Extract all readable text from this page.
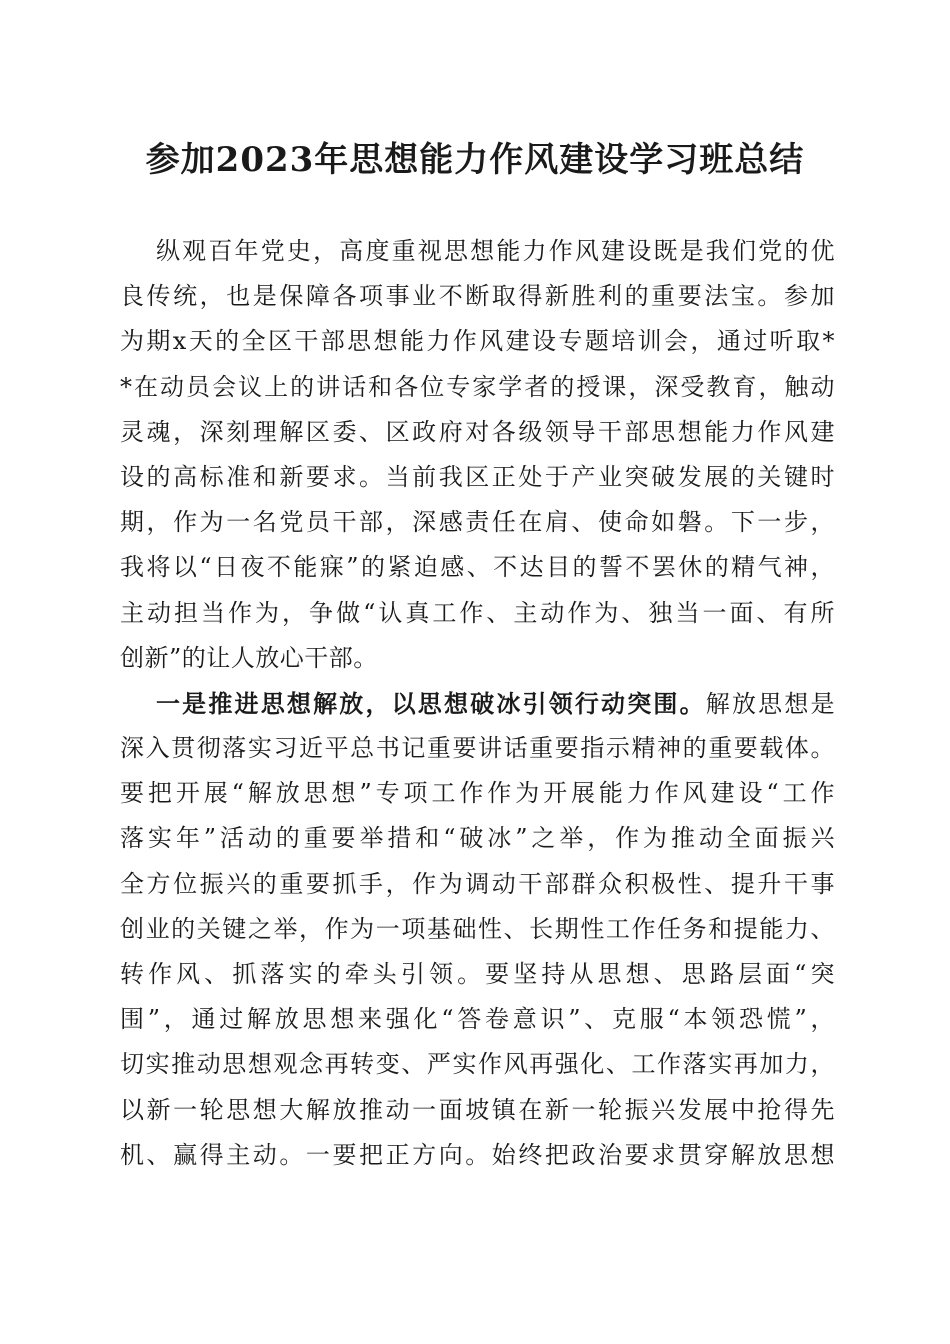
参加2023年思想能力作风建设学习班总结
纵观百年党史，高度重视思想能力作风建设既是我们党的优
良传统，也是保障各项事业不断取得新胜利的重要法宝。参加
为期x天的全区干部思想能力作风建设专题培训会，通过听取*
*在动员会议上的讲话和各位专家学者的授课，深受教育，触动
灵魂，深刻理解区委、区政府对各级领导干部思想能力作风建
设的高标准和新要求。当前我区正处于产业突破发展的关键时
期，作为一名党员干部，深感责任在肩、使命如磐。下一步，
我将以“日夜不能寐”的紧迫感、不达目的誓不罢休的精气神，
主动担当作为，争做“认真工作、主动作为、独当一面、有所
创新”的让人放心干部。
一是推进思想解放，以思想破冰引领行动突围。解放思想是
深入贯彻落实习近平总书记重要讲话重要指示精神的重要载体。
要把开展“解放思想”专项工作作为开展能力作风建设“工作
落实年”活动的重要举措和“破冰”之举，作为推动全面振兴
全方位振兴的重要抓手，作为调动干部群众积极性、提升干事
创业的关键之举，作为一项基础性、长期性工作任务和提能力、
转作风、抓落实的牵头引领。要坚持从思想、思路层面“突
围”，通过解放思想来强化“答卷意识”、克服“本领恐慌”，
切实推动思想观念再转变、严实作风再强化、工作落实再加力，
以新一轮思想大解放推动一面坡镇在新一轮振兴发展中抢得先
机、赢得主动。一要把正方向。始终把政治要求贯穿解放思想
